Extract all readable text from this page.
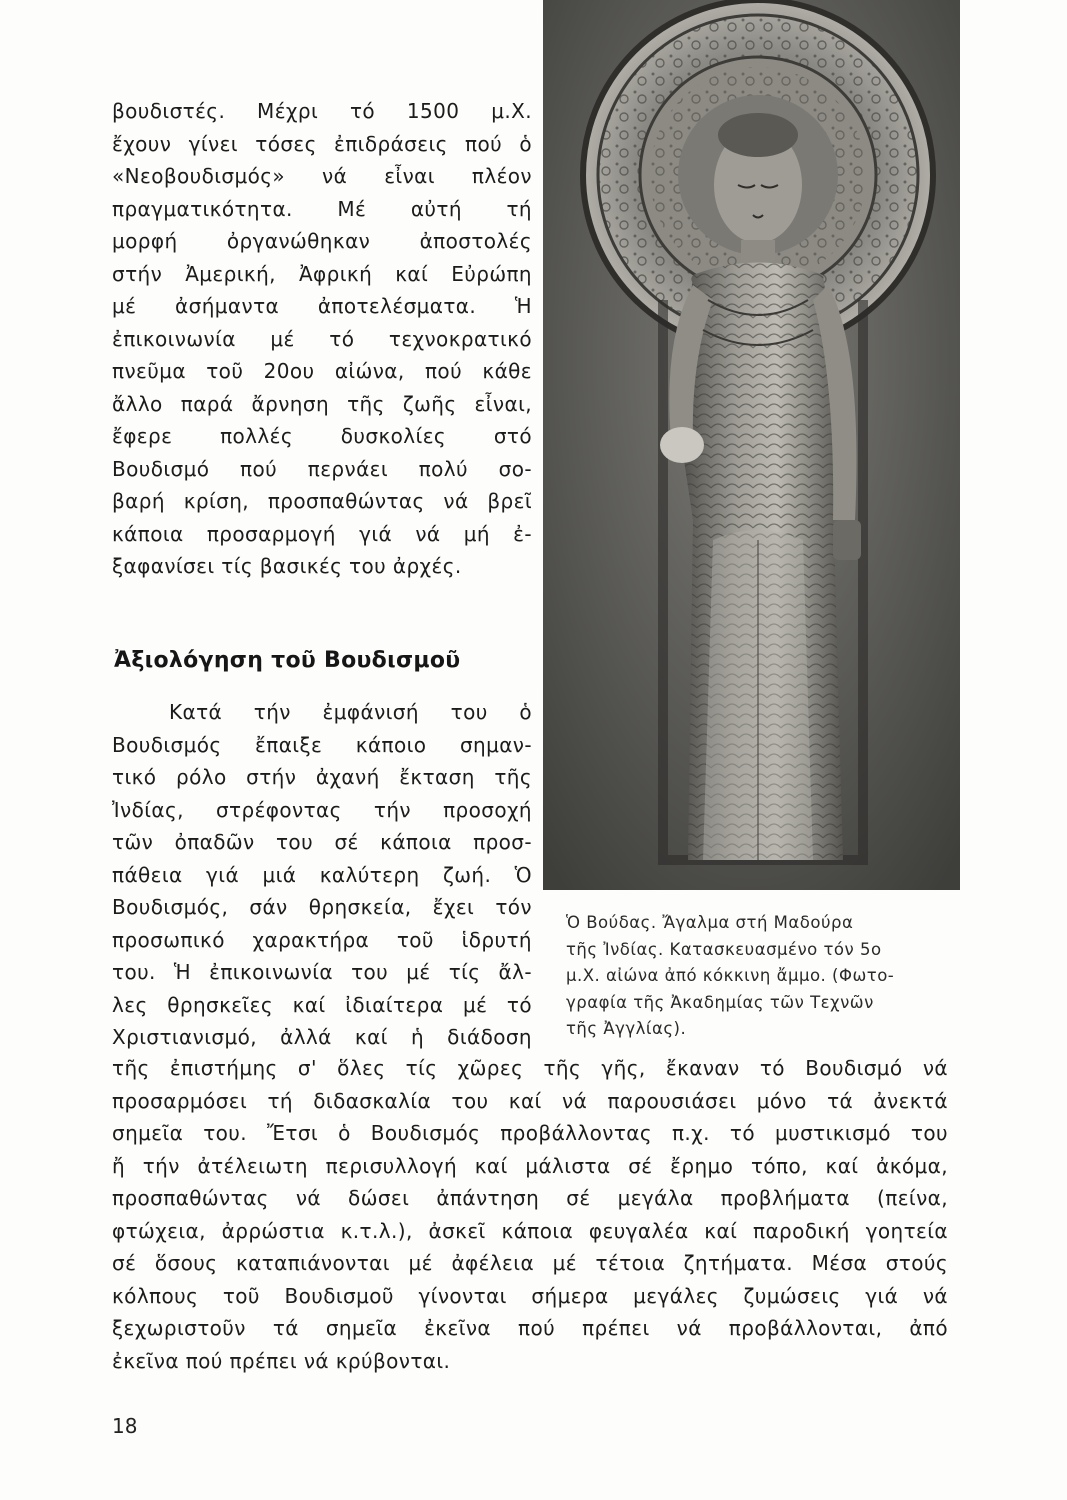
βουδιστές. Μέχρι τό 1500 μ.Χ.
ἔχουν γίνει τόσες ἐπιδράσεις πού ὁ
«Νεοβουδισμός» νά εἶναι πλέον
πραγματικότητα. Μέ αὐτή τή
μορφή ὀργανώθηκαν ἀποστολές
στήν Ἀμερική, Ἀφρική καί Εὐρώπη
μέ ἀσήμαντα ἀποτελέσματα. Ἡ
ἐπικοινωνία μέ τό τεχνοκρατικό
πνεῦμα τοῦ 20ου αἰώνα, πού κάθε
ἄλλο παρά ἄρνηση τῆς ζωῆς εἶναι,
ἔφερε πολλές δυσκολίες στό
Βουδισμό πού περνάει πολύ σο-
βαρή κρίση, προσπαθώντας νά βρεῖ
κάποια προσαρμογή γιά νά μή ἐ-
ξαφανίσει τίς βασικές του ἀρχές.
Ἀξιολόγηση τοῦ Βουδισμοῦ
Κατά τήν ἐμφάνισή του ὁ
Βουδισμός ἔπαιξε κάποιο σημαν-
τικό ρόλο στήν ἀχανή ἔκταση τῆς
Ἰνδίας, στρέφοντας τήν προσοχή
τῶν ὀπαδῶν του σέ κάποια προσ-
πάθεια γιά μιά καλύτερη ζωή. Ὁ
Βουδισμός, σάν θρησκεία, ἔχει τόν
προσωπικό χαρακτήρα τοῦ ἱδρυτή
του. Ἡ ἐπικοινωνία του μέ τίς ἄλ-
λες θρησκεῖες καί ἰδιαίτερα μέ τό
Χριστιανισμό, ἀλλά καί ἡ διάδοση
τῆς ἐπιστήμης σ' ὅλες τίς χῶρες τῆς γῆς, ἔκαναν τό Βουδισμό νά
προσαρμόσει τή διδασκαλία του καί νά παρουσιάσει μόνο τά ἀνεκτά
σημεῖα του. Ἔτσι ὁ Βουδισμός προβάλλοντας π.χ. τό μυστικισμό του
ἤ τήν ἀτέλειωτη περισυλλογή καί μάλιστα σέ ἔρημο τόπο, καί ἀκόμα,
προσπαθώντας νά δώσει ἀπάντηση σέ μεγάλα προβλήματα (πείνα,
φτώχεια, ἀρρώστια κ.τ.λ.), ἀσκεῖ κάποια φευγαλέα καί παροδική γοητεία
σέ ὅσους καταπιάνονται μέ ἀφέλεια μέ τέτοια ζητήματα. Μέσα στούς
κόλπους τοῦ Βουδισμοῦ γίνονται σήμερα μεγάλες ζυμώσεις γιά νά
ξεχωριστοῦν τά σημεῖα ἐκεῖνα πού πρέπει νά προβάλλονται, ἀπό
ἐκεῖνα πού πρέπει νά κρύβονται.
Ὁ Βούδας. Ἄγαλμα στή Μαδούρα
τῆς Ἰνδίας. Κατασκευασμένο τόν 5ο
μ.Χ. αἰώνα ἀπό κόκκινη ἄμμο. (Φωτο-
γραφία τῆς Ἀκαδημίας τῶν Τεχνῶν
τῆς Ἀγγλίας).
18
